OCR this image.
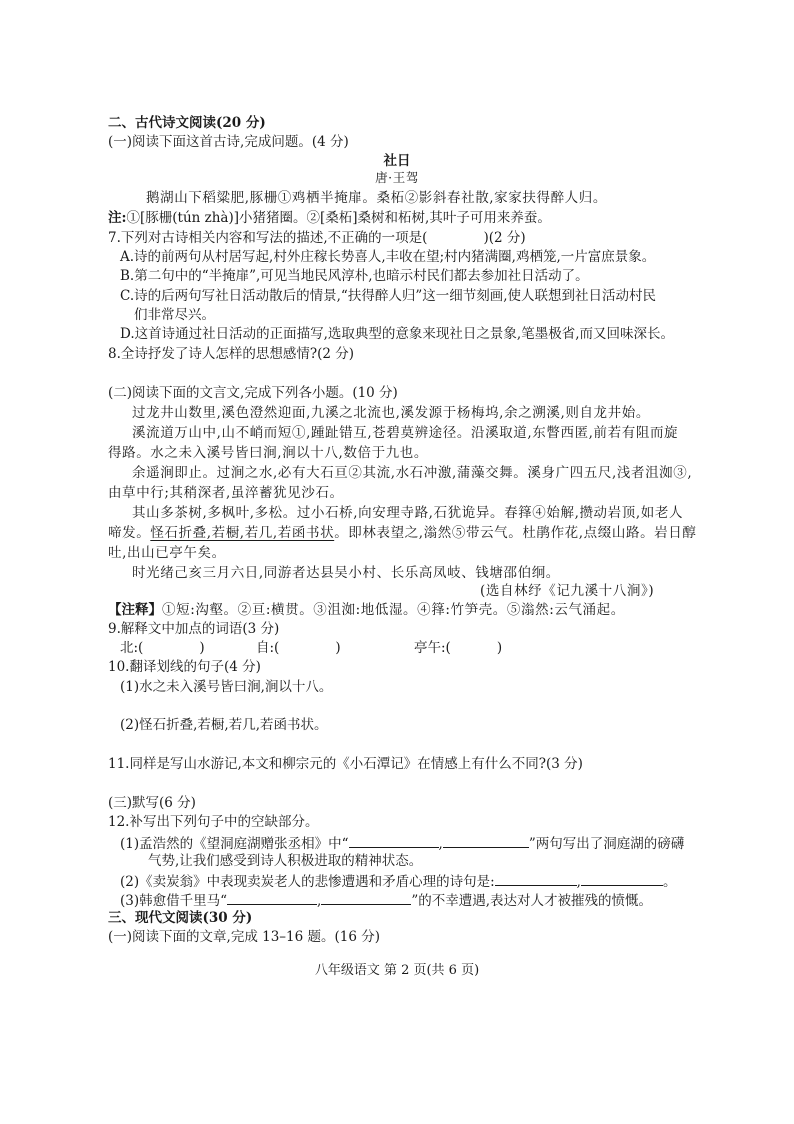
二、古代诗文阅读(20 分)
(一)阅读下面这首古诗,完成问题。(4 分)
社日
唐·王驾
鹅湖山下稻粱肥,豚栅①鸡栖半掩扉。桑柘②影斜春社散,家家扶得醉人归。
注:①[豚栅(tún zhà)]小猪猪圈。②[桑柘]桑树和柘树,其叶子可用来养蚕。
7.下列对古诗相关内容和写法的描述,不正确的一项是(	)(2 分)
A.诗的前两句从村居写起,村外庄稼长势喜人,丰收在望;村内猪满圈,鸡栖笼,一片富庶景象。
B.第二句中的“半掩扉”,可见当地民风淳朴,也暗示村民们都去参加社日活动了。
C.诗的后两句写社日活动散后的情景,“扶得醉人归”这一细节刻画,使人联想到社日活动村民
们非常尽兴。
D.这首诗通过社日活动的正面描写,选取典型的意象来现社日之景象,笔墨极省,而又回味深长。
8.全诗抒发了诗人怎样的思想感情?(2 分)
(二)阅读下面的文言文,完成下列各小题。(10 分)
过龙井山数里,溪色澄然迎面,九溪之北流也,溪发源于杨梅坞,余之溯溪,则自龙井始。
溪流道万山中,山不峭而短①,踵趾错互,苍碧莫辨途径。沿溪取道,东瞥西匿,前若有阻而旋
得路。水之未入溪号皆曰涧,涧以十八,数倍于九也。
余遥涧即止。过涧之水,必有大石亘②其流,水石冲激,蒲藻交舞。溪身广四五尺,浅者沮洳③,
由草中行;其稍深者,虽淬蓄犹见沙石。
其山多茶树,多枫叶,多松。过小石桥,向安理寺路,石犹诡异。春箨④始解,攒动岩顶,如老人
啼发。怪石折叠,若橱,若几,若函书状。即林表望之,滃然⑤带云气。杜鹃作花,点缀山路。岩日醇
吐,出山已亭午矣。
时光绪己亥三月六日,同游者达县吴小村、长乐高凤岐、钱塘邵伯䌹。
(选自林纾《记九溪十八涧》)
【注释】①短:沟壑。②亘:横贯。③沮洳:地低湿。④箨:竹笋壳。⑤滃然:云气涌起。
9.解释文中加点的词语(3 分)
北:(	)	自:(	)	亭午:(	)
10.翻译划线的句子(4 分)
(1)水之未入溪号皆曰涧,涧以十八。
(2)怪石折叠,若橱,若几,若函书状。
11.同样是写山水游记,本文和柳宗元的《小石潭记》在情感上有什么不同?(3 分)
(三)默写(6 分)
12.补写出下列句子中的空缺部分。
(1)孟浩然的《望洞庭湖赠张丞相》中“	,	”两句写出了洞庭湖的磅礴
气势,让我们感受到诗人积极进取的精神状态。
(2)《卖炭翁》中表现卖炭老人的悲惨遭遇和矛盾心理的诗句是:	,	。
(3)韩愈借千里马“	,	”的不幸遭遇,表达对人才被摧残的愤慨。
三、现代文阅读(30 分)
(一)阅读下面的文章,完成 13–16 题。(16 分)
八年级语文 第 2 页(共 6 页)
